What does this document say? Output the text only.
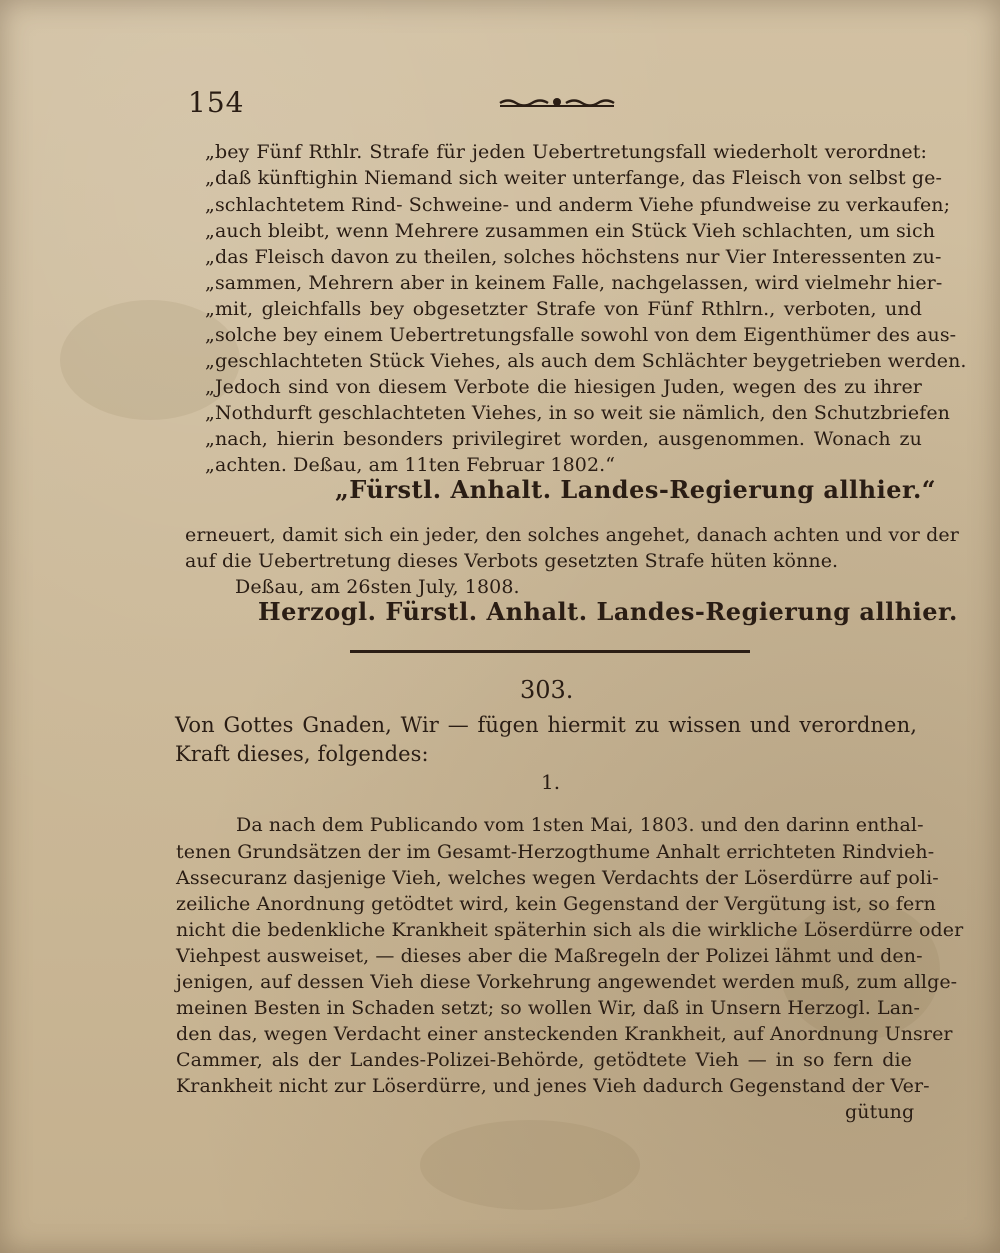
154
„bey Fünf Rthlr. Strafe für jeden Uebertretungsfall wiederholt verordnet:
„daß künftighin Niemand sich weiter unterfange, das Fleisch von selbst ge-
„schlachtetem Rind- Schweine- und anderm Viehe pfundweise zu verkaufen;
„auch bleibt, wenn Mehrere zusammen ein Stück Vieh schlachten, um sich
„das Fleisch davon zu theilen, solches höchstens nur Vier Interessenten zu-
„sammen, Mehrern aber in keinem Falle, nachgelassen, wird vielmehr hier-
„mit, gleichfalls bey obgesetzter Strafe von Fünf Rthlrn., verboten, und
„solche bey einem Uebertretungsfalle sowohl von dem Eigenthümer des aus-
„geschlachteten Stück Viehes, als auch dem Schlächter beygetrieben werden.
„Jedoch sind von diesem Verbote die hiesigen Juden, wegen des zu ihrer
„Nothdurft geschlachteten Viehes, in so weit sie nämlich, den Schutzbriefen
„nach, hierin besonders privilegiret worden, ausgenommen. Wonach zu
„achten. Deßau, am 11ten Februar 1802.“
„Fürstl. Anhalt. Landes-Regierung allhier.“
erneuert, damit sich ein jeder, den solches angehet, danach achten und vor der
auf die Uebertretung dieses Verbots gesetzten Strafe hüten könne.
Deßau, am 26sten July, 1808.
Herzogl. Fürstl. Anhalt. Landes-Regierung allhier.
303.
Von Gottes Gnaden, Wir — fügen hiermit zu wissen und verordnen,
Kraft dieses, folgendes:
1.
Da nach dem Publicando vom 1sten Mai, 1803. und den darinn enthal-
tenen Grundsätzen der im Gesamt-Herzogthume Anhalt errichteten Rindvieh-
Assecuranz dasjenige Vieh, welches wegen Verdachts der Löserdürre auf poli-
zeiliche Anordnung getödtet wird, kein Gegenstand der Vergütung ist, so fern
nicht die bedenkliche Krankheit späterhin sich als die wirkliche Löserdürre oder
Viehpest ausweiset, — dieses aber die Maßregeln der Polizei lähmt und den-
jenigen, auf dessen Vieh diese Vorkehrung angewendet werden muß, zum allge-
meinen Besten in Schaden setzt; so wollen Wir, daß in Unsern Herzogl. Lan-
den das, wegen Verdacht einer ansteckenden Krankheit, auf Anordnung Unsrer
Cammer, als der Landes-Polizei-Behörde, getödtete Vieh — in so fern die
Krankheit nicht zur Löserdürre, und jenes Vieh dadurch Gegenstand der Ver-
gütung
